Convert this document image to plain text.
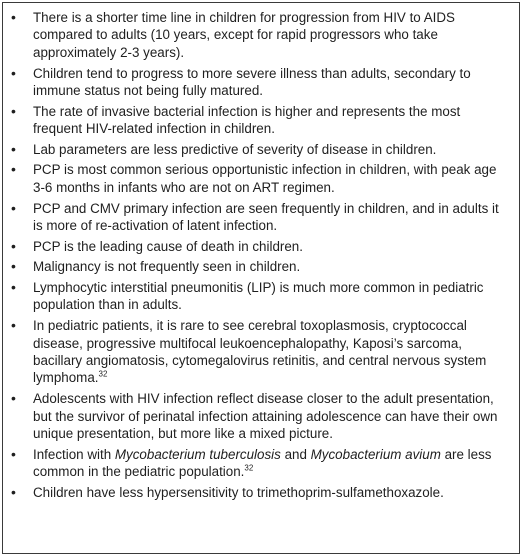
• There is a shorter time line in children for progression from HIV to AIDS compared to adults (10 years, except for rapid progressors who take approximately 2-3 years).
• Children tend to progress to more severe illness than adults, secondary to immune status not being fully matured.
• The rate of invasive bacterial infection is higher and represents the most frequent HIV-related infection in children.
• Lab parameters are less predictive of severity of disease in children.
• PCP is most common serious opportunistic infection in children, with peak age 3-6 months in infants who are not on ART regimen.
• PCP and CMV primary infection are seen frequently in children, and in adults it is more of re-activation of latent infection.
• PCP is the leading cause of death in children.
• Malignancy is not frequently seen in children.
• Lymphocytic interstitial pneumonitis (LIP) is much more common in pediatric population than in adults.
• In pediatric patients, it is rare to see cerebral toxoplasmosis, cryptococcal disease, progressive multifocal leukoencephalopathy, Kaposi’s sarcoma, bacillary angiomatosis, cytomegalovirus retinitis, and central nervous system lymphoma.$^{32}$
• Adolescents with HIV infection reflect disease closer to the adult presentation, but the survivor of perinatal infection attaining adolescence can have their own unique presentation, but more like a mixed picture.
• Infection with Mycobacterium tuberculosis and Mycobacterium avium are less common in the pediatric population.$^{32}$
• Children have less hypersensitivity to trimethoprim-sulfamethoxazole.
